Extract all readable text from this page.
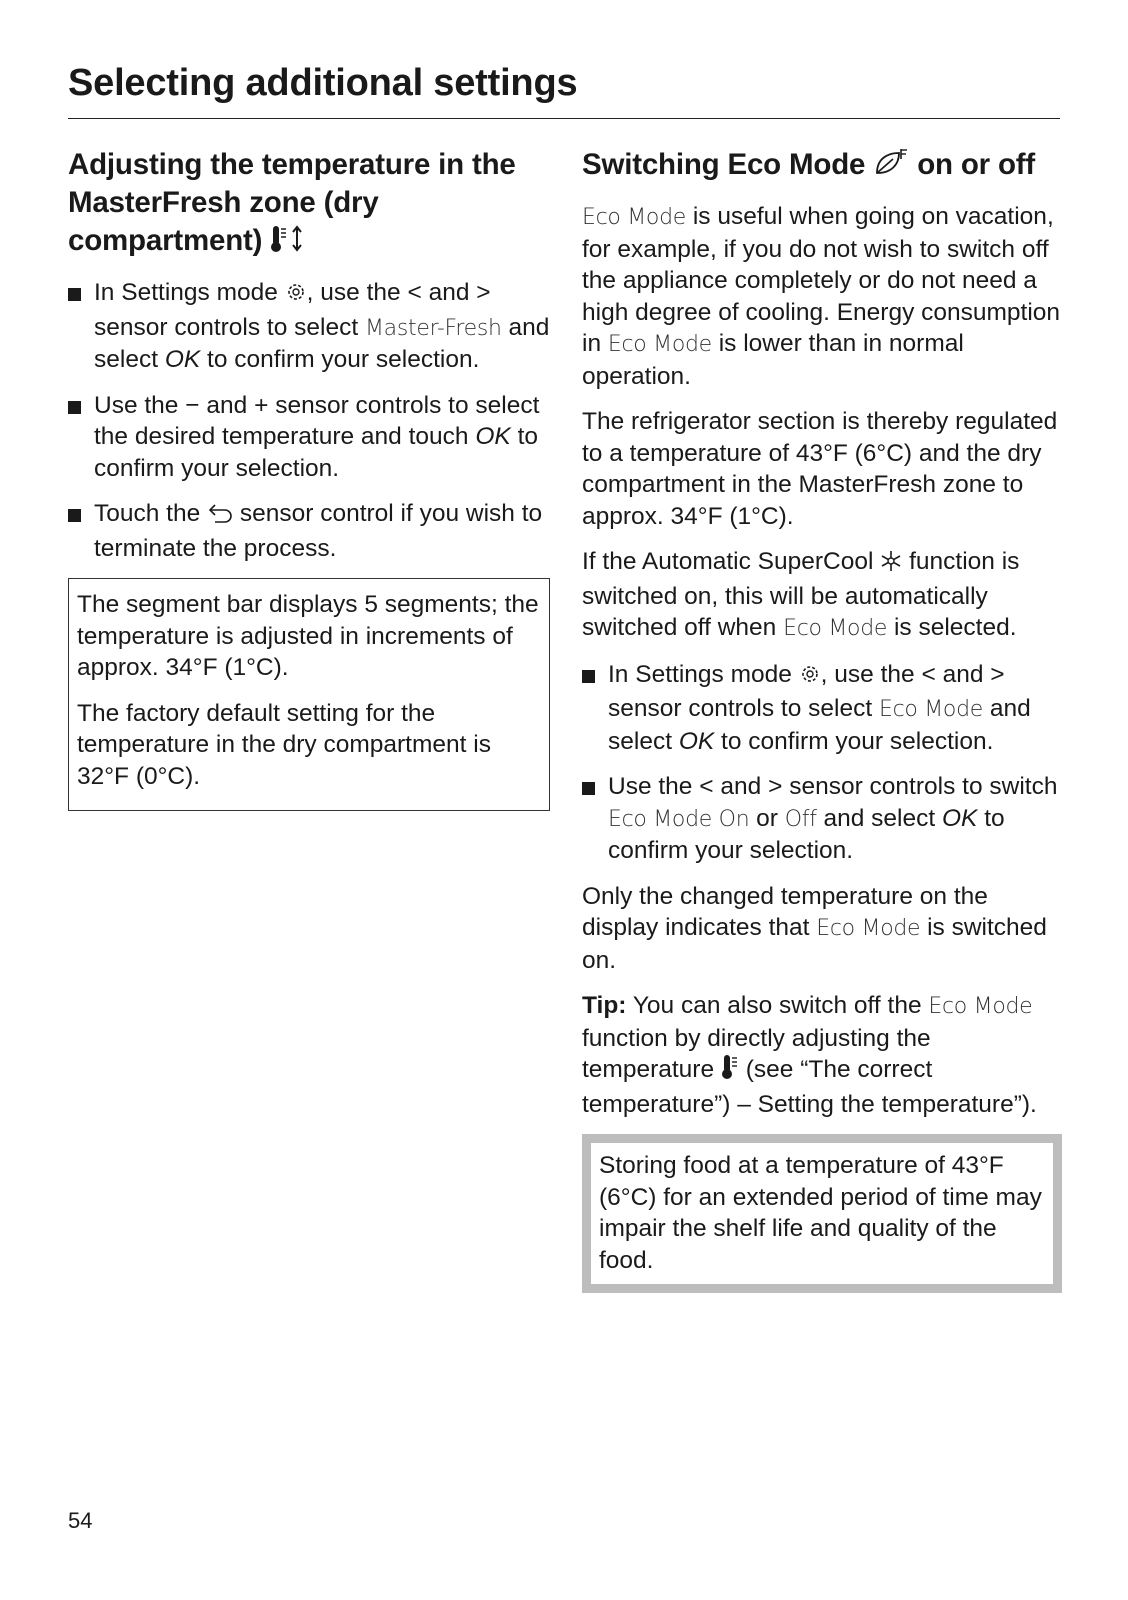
Selecting additional settings
Adjusting the temperature in the MasterFresh zone (dry compartment)
In Settings mode , use the < and > sensor controls to select Master-Fresh and select OK to confirm your selection.
Use the − and + sensor controls to select the desired temperature and touch OK to confirm your selection.
Touch the sensor control if you wish to terminate the process.

The segment bar displays 5 segments; the temperature is adjusted in increments of approx. 34°F (1°C).

The factory default setting for the temperature in the dry compartment is 32°F (0°C).

Switching Eco Mode on or off

Eco Mode is useful when going on vacation, for example, if you do not wish to switch off the appliance completely or do not need a high degree of cooling. Energy consumption in Eco Mode is lower than in normal operation.

The refrigerator section is thereby regulated to a temperature of 43°F (6°C) and the dry compartment in the MasterFresh zone to approx. 34°F (1°C).

If the Automatic SuperCool function is switched on, this will be automatically switched off when Eco Mode is selected.

In Settings mode , use the < and > sensor controls to select Eco Mode and select OK to confirm your selection.
Use the < and > sensor controls to switch Eco Mode On or Off and select OK to confirm your selection.

Only the changed temperature on the display indicates that Eco Mode is switched on.

Tip: You can also switch off the Eco Mode function by directly adjusting the temperature (see “The correct temperature”) – Setting the temperature”).

Storing food at a temperature of 43°F (6°C) for an extended period of time may impair the shelf life and quality of the food.

54
